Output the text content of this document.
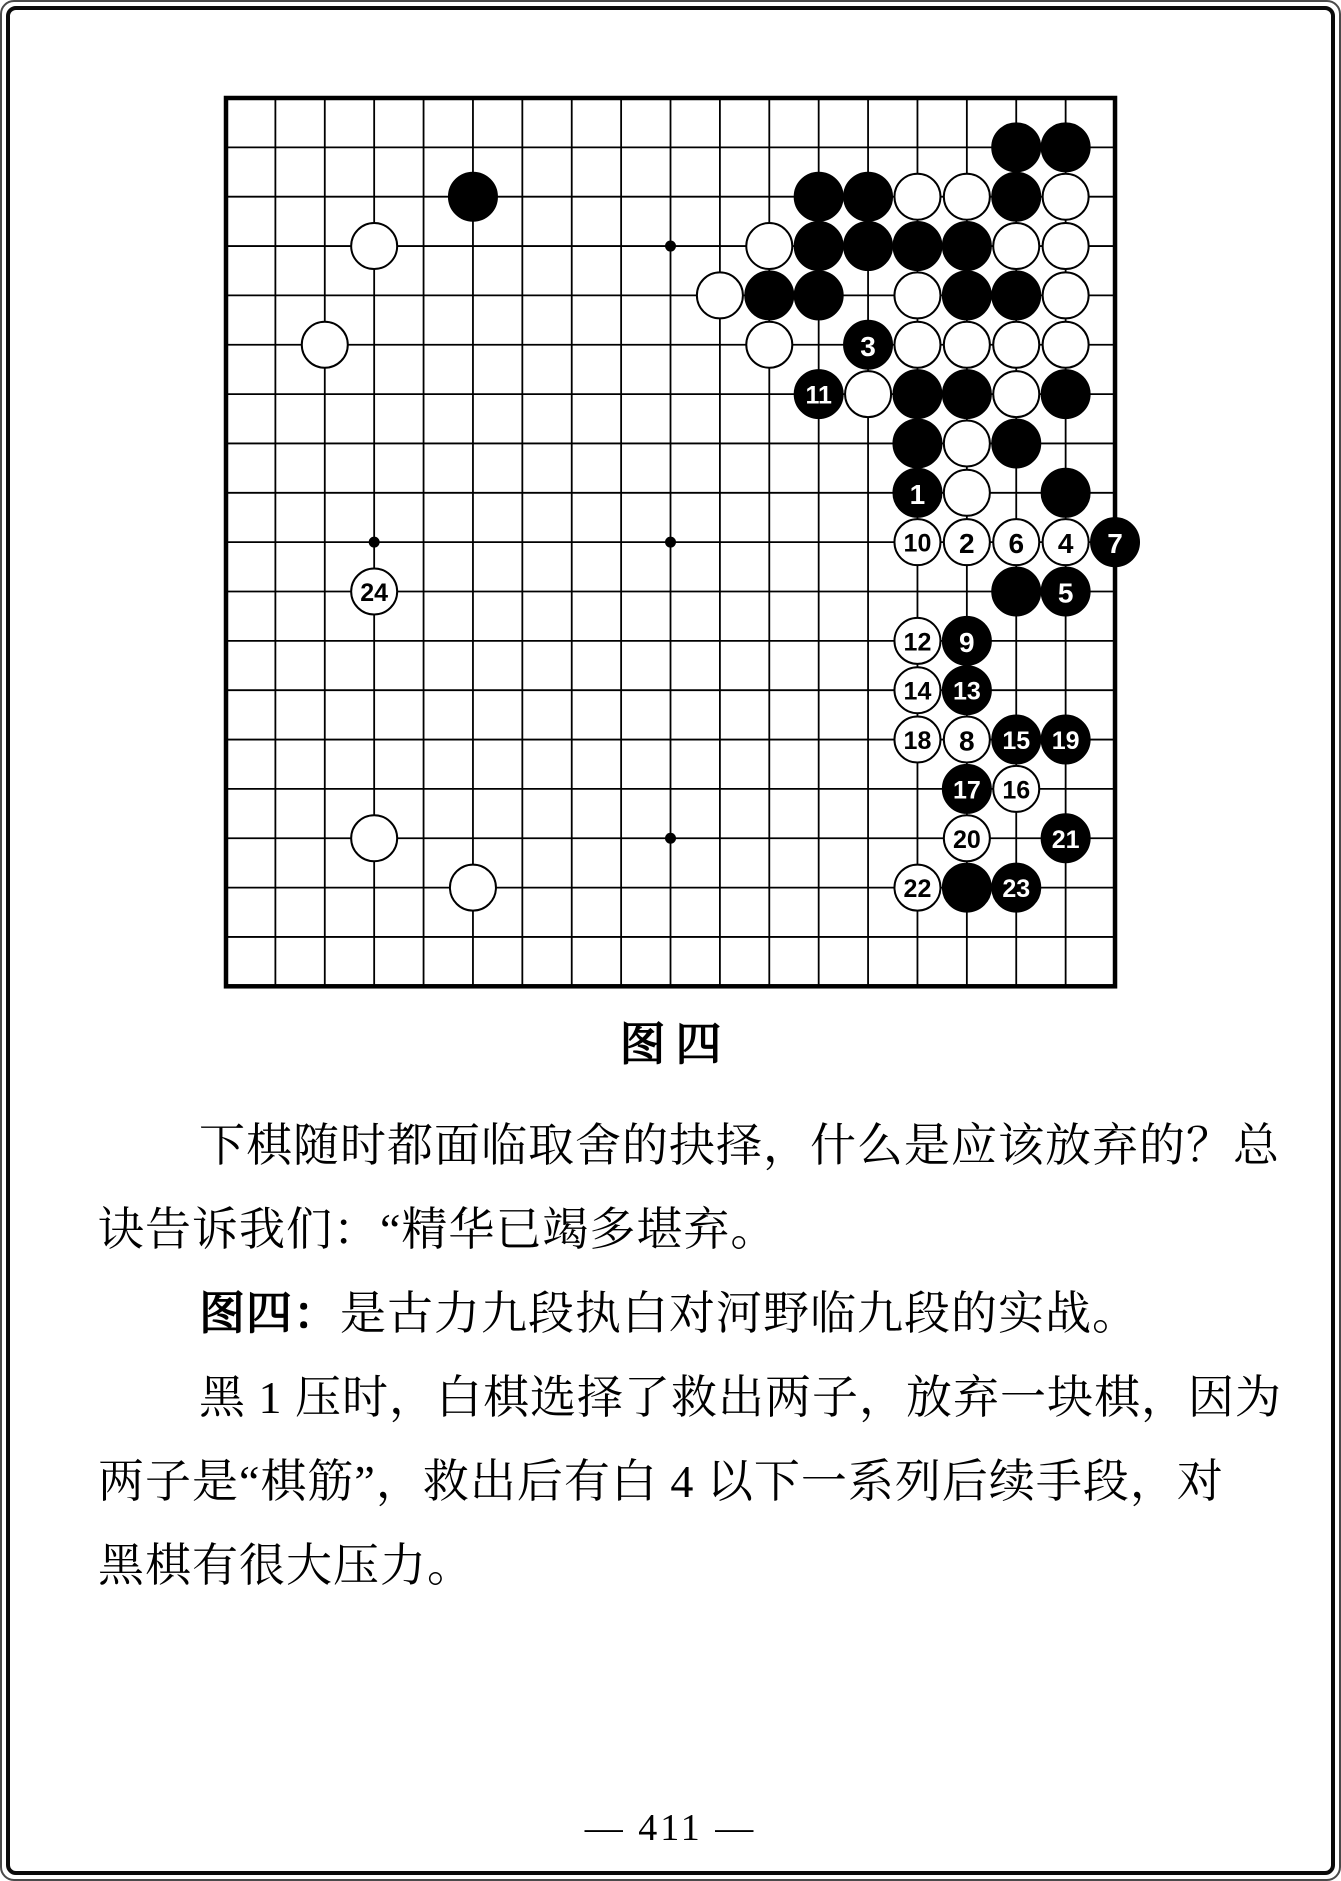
3
11
1
10 2 6 4 7
24	5
12 9
14 13
18 8 15 19
17 16
20	21
22	23
图四
下棋随时都面临取舍的抉择，什么是应该放弃的？总
诀告诉我们：“精华已竭多堪弃。
图四：是古力九段执白对河野临九段的实战。
黑 1 压时，白棋选择了救出两子，放弃一块棋，因为
两子是“棋筋”，救出后有白 4 以下一系列后续手段，对
黑棋有很大压力。
— 411 —
